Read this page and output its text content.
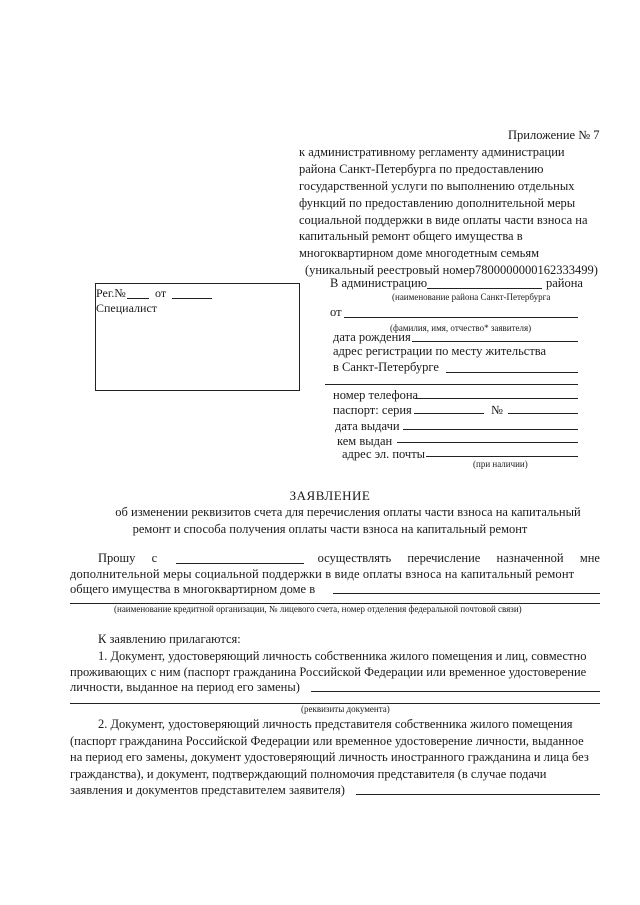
Приложение № 7
к административному регламенту администрации
района Санкт-Петербурга по предоставлению
государственной услуги по выполнению отдельных
функций по предоставлению дополнительной меры
социальной поддержки в виде оплаты части взноса на
капитальный ремонт общего имущества в
многоквартирном доме многодетным семьям
(уникальный реестровый номер7800000000162333499)
Рег.№ от
Специалист
В администрацию	района
(наименование района Санкт-Петербурга
от
(фамилия, имя, отчество* заявителя)
дата рождения
адрес регистрации по месту жительства
в Санкт-Петербурге
номер телефона
паспорт: серия	№
дата выдачи
кем выдан
адрес эл. почты
(при наличии)
ЗАЯВЛЕНИЕ
об изменении реквизитов счета для перечисления оплаты части взноса на капитальный
ремонт и способа получения оплаты части взноса на капитальный ремонт
Прошу с	осуществлять перечисление назначенной мне
дополнительной меры социальной поддержки в виде оплаты взноса на капитальный ремонт
общего имущества в многоквартирном доме в
(наименование кредитной организации, № лицевого счета, номер отделения федеральной почтовой связи)
К заявлению прилагаются:
1. Документ, удостоверяющий личность собственника жилого помещения и лиц, совместно
проживающих с ним (паспорт гражданина Российской Федерации или временное удостоверение
личности, выданное на период его замены)
(реквизиты документа)
2. Документ, удостоверяющий личность представителя собственника жилого помещения
(паспорт гражданина Российской Федерации или временное удостоверение личности, выданное
на период его замены, документ удостоверяющий личность иностранного гражданина и лица без
гражданства), и документ, подтверждающий полномочия представителя (в случае подачи
заявления и документов представителем заявителя)
